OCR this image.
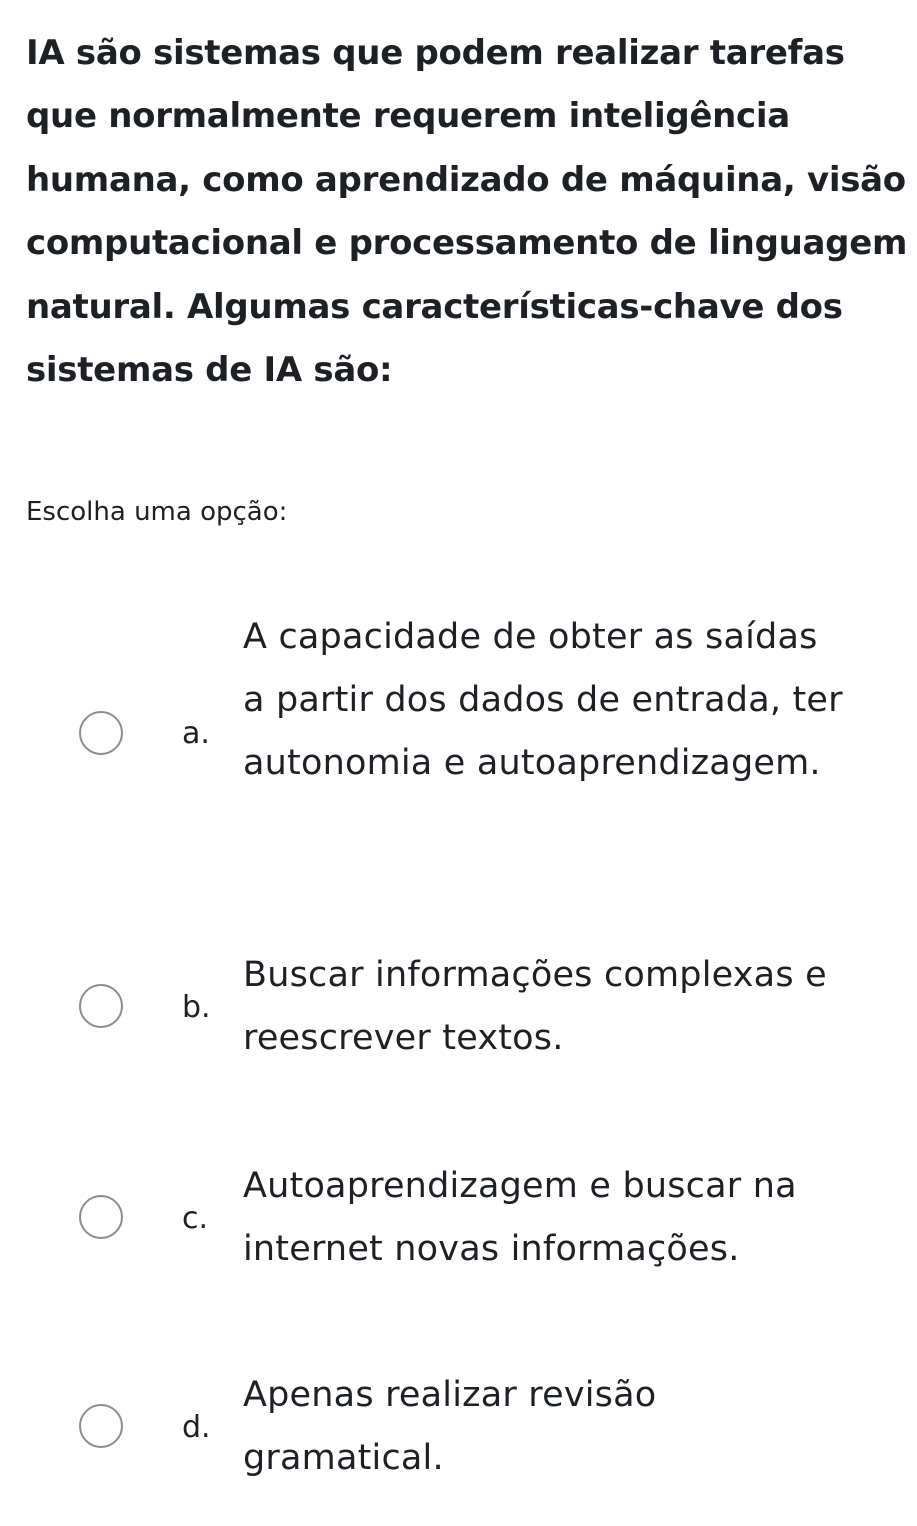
IA são sistemas que podem realizar tarefas que normalmente requerem inteligência humana, como aprendizado de máquina, visão computacional e processamento de linguagem natural. Algumas características-chave dos sistemas de IA são:

Escolha uma opção:

a.
A capacidade de obter as saídas a partir dos dados de entrada, ter autonomia e autoaprendizagem.
b.
Buscar informações complexas e reescrever textos.
c.
Autoaprendizagem e buscar na internet novas informações.
d.
Apenas realizar revisão gramatical.
